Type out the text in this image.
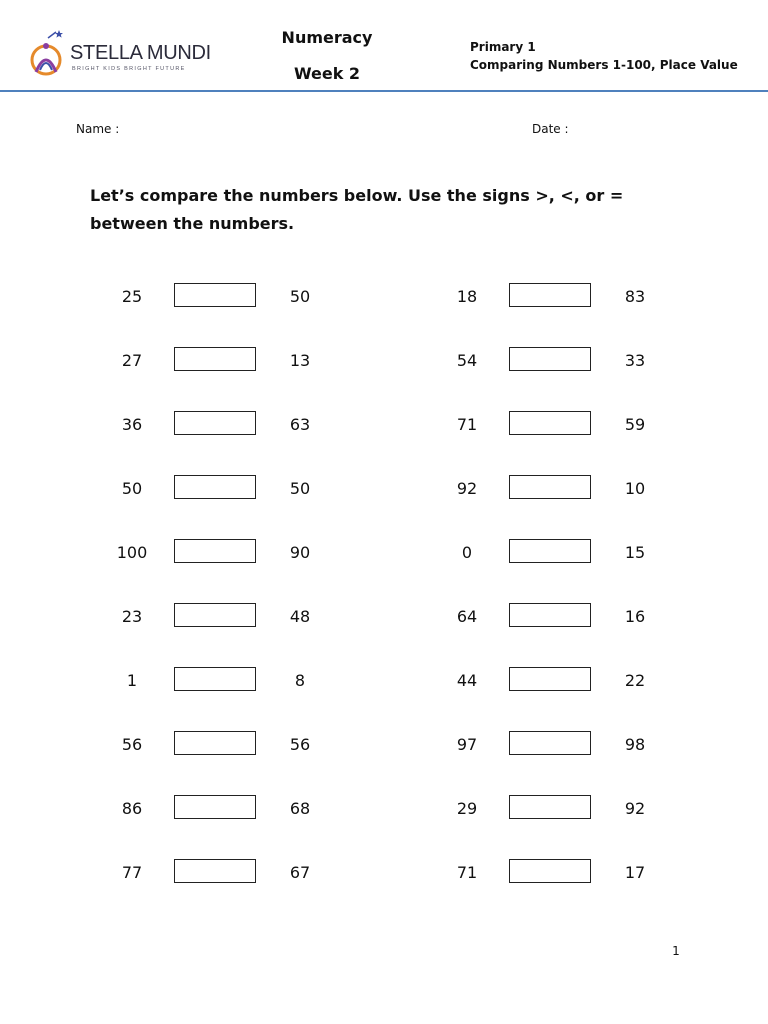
STELLA MUNDI
BRIGHT KIDS BRIGHT FUTURE
Numeracy
Week 2
Primary 1
Comparing Numbers 1-100, Place Value
Name :	Date :
Let’s compare the numbers below. Use the signs >, <, or = between the numbers.
25	50
27	13
36	63
50	50
100	90
23	48
1	8
56	56
86	68
77	67
18	83
54	33
71	59
92	10
0	15
64	16
44	22
97	98
29	92
71	17
1
